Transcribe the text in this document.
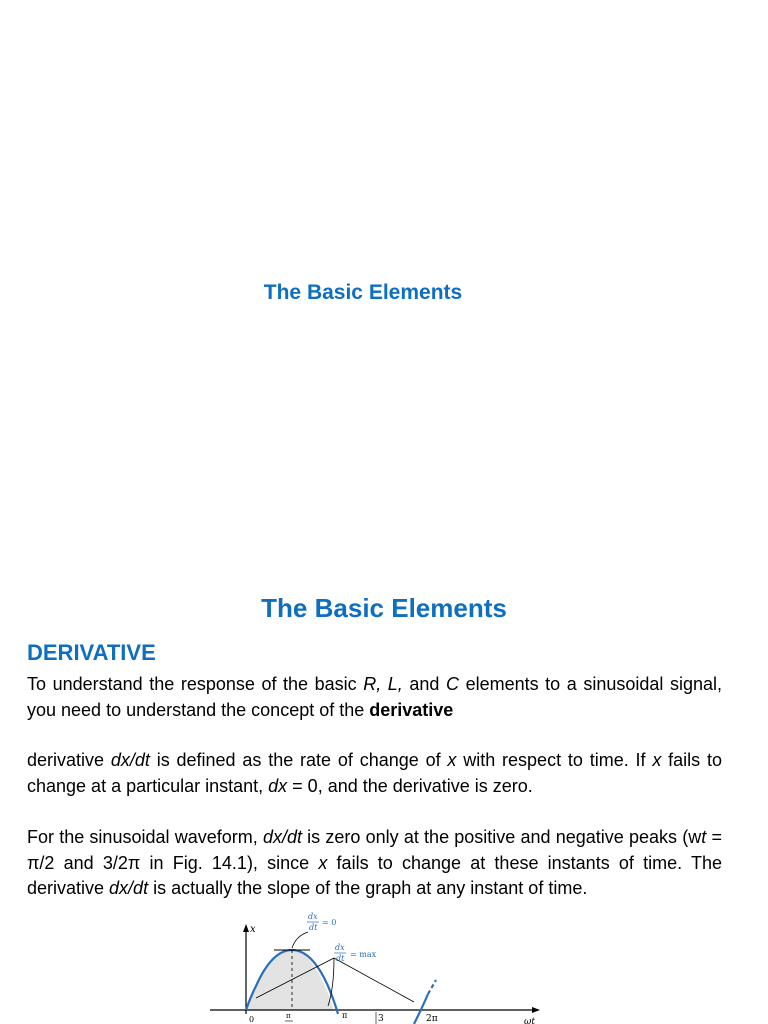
The Basic Elements
The Basic Elements
DERIVATIVE

To understand the response of the basic R, L, and C elements to a sinusoidal signal, you need to understand the concept of the derivative

derivative dx/dt is defined as the rate of change of x with respect to time. If x fails to change at a particular instant, dx = 0, and the derivative is zero.

For the sinusoidal waveform, dx/dt is zero only at the positive and negative peaks (wt = π/2 and 3/2π in Fig. 14.1), since x fails to change at these instants of time. The derivative dx/dt is actually the slope of the graph at any instant of time.

x
dx
dt
= 0
dx
dt = max
0	π	π	3	2π	ωt
